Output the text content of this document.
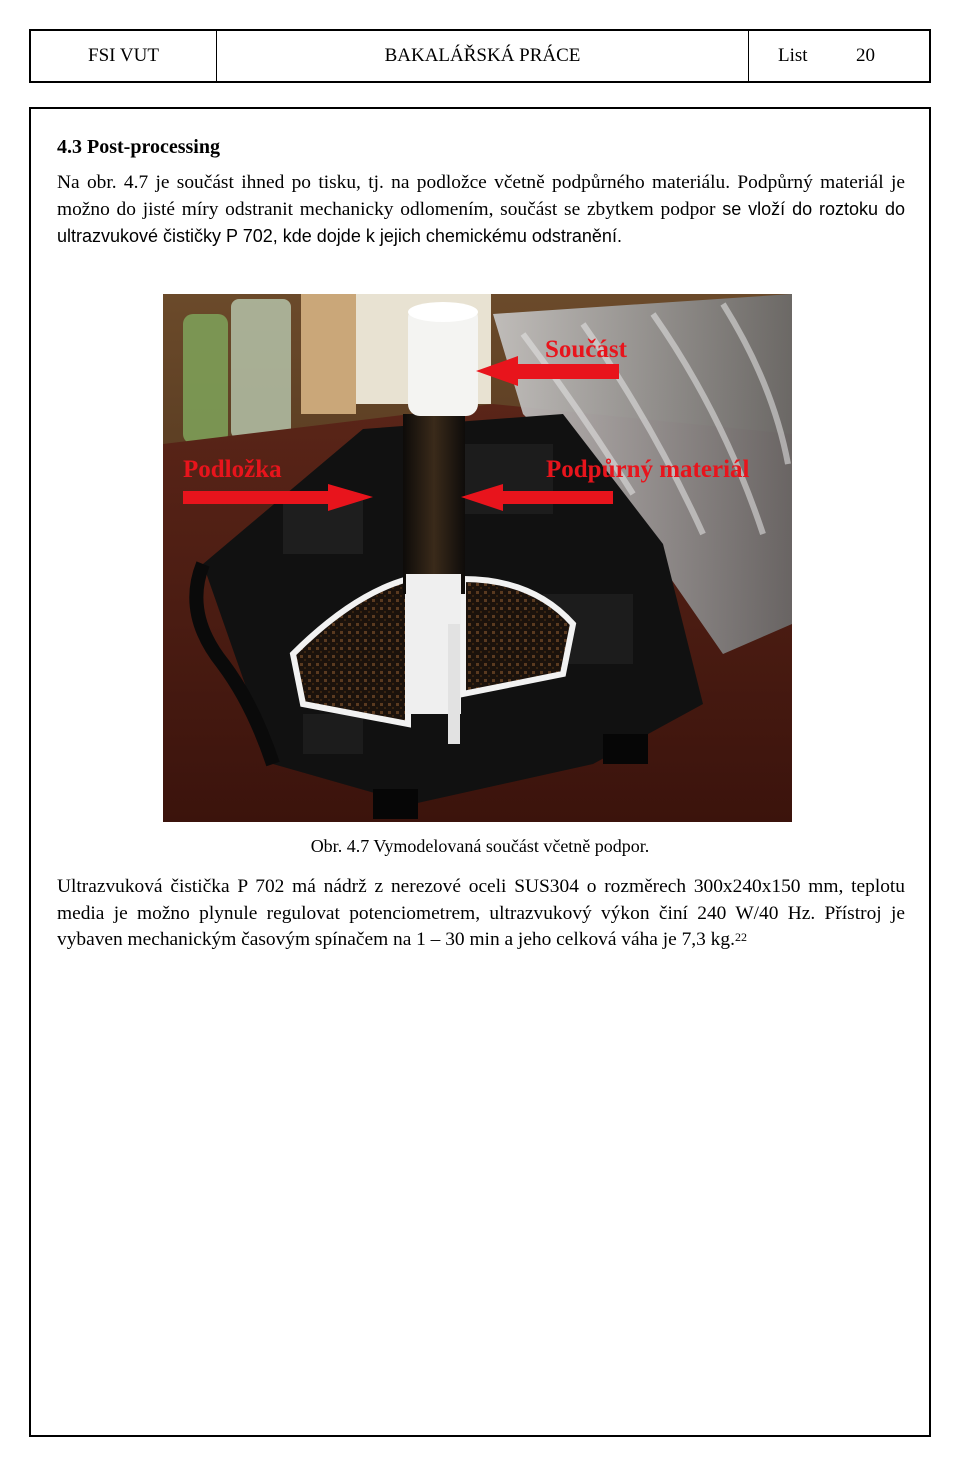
FSI VUT	BAKALÁŘSKÁ PRÁCE	List	20
4.3 Post-processing

Na obr. 4.7 je součást ihned po tisku, tj. na podložce včetně podpůrného materiálu. Podpůrný materiál je možno do jisté míry odstranit mechanicky odlomením, součást se zbytkem podpor se vloží do roztoku do ultrazvukové čističky P 702, kde dojde k jejich chemickému odstranění.

Součást
Podložka	Podpůrný materiál
Obr. 4.7 Vymodelovaná součást včetně podpor.

Ultrazvuková čistička P 702 má nádrž z nerezové oceli SUS304 o rozměrech 300x240x150 mm, teplotu media je možno plynule regulovat potenciometrem, ultrazvukový výkon činí 240 W/40 Hz. Přístroj je vybaven mechanickým časovým spínačem na 1 – 30 min a jeho celková váha je 7,3 kg.$^{22}$
